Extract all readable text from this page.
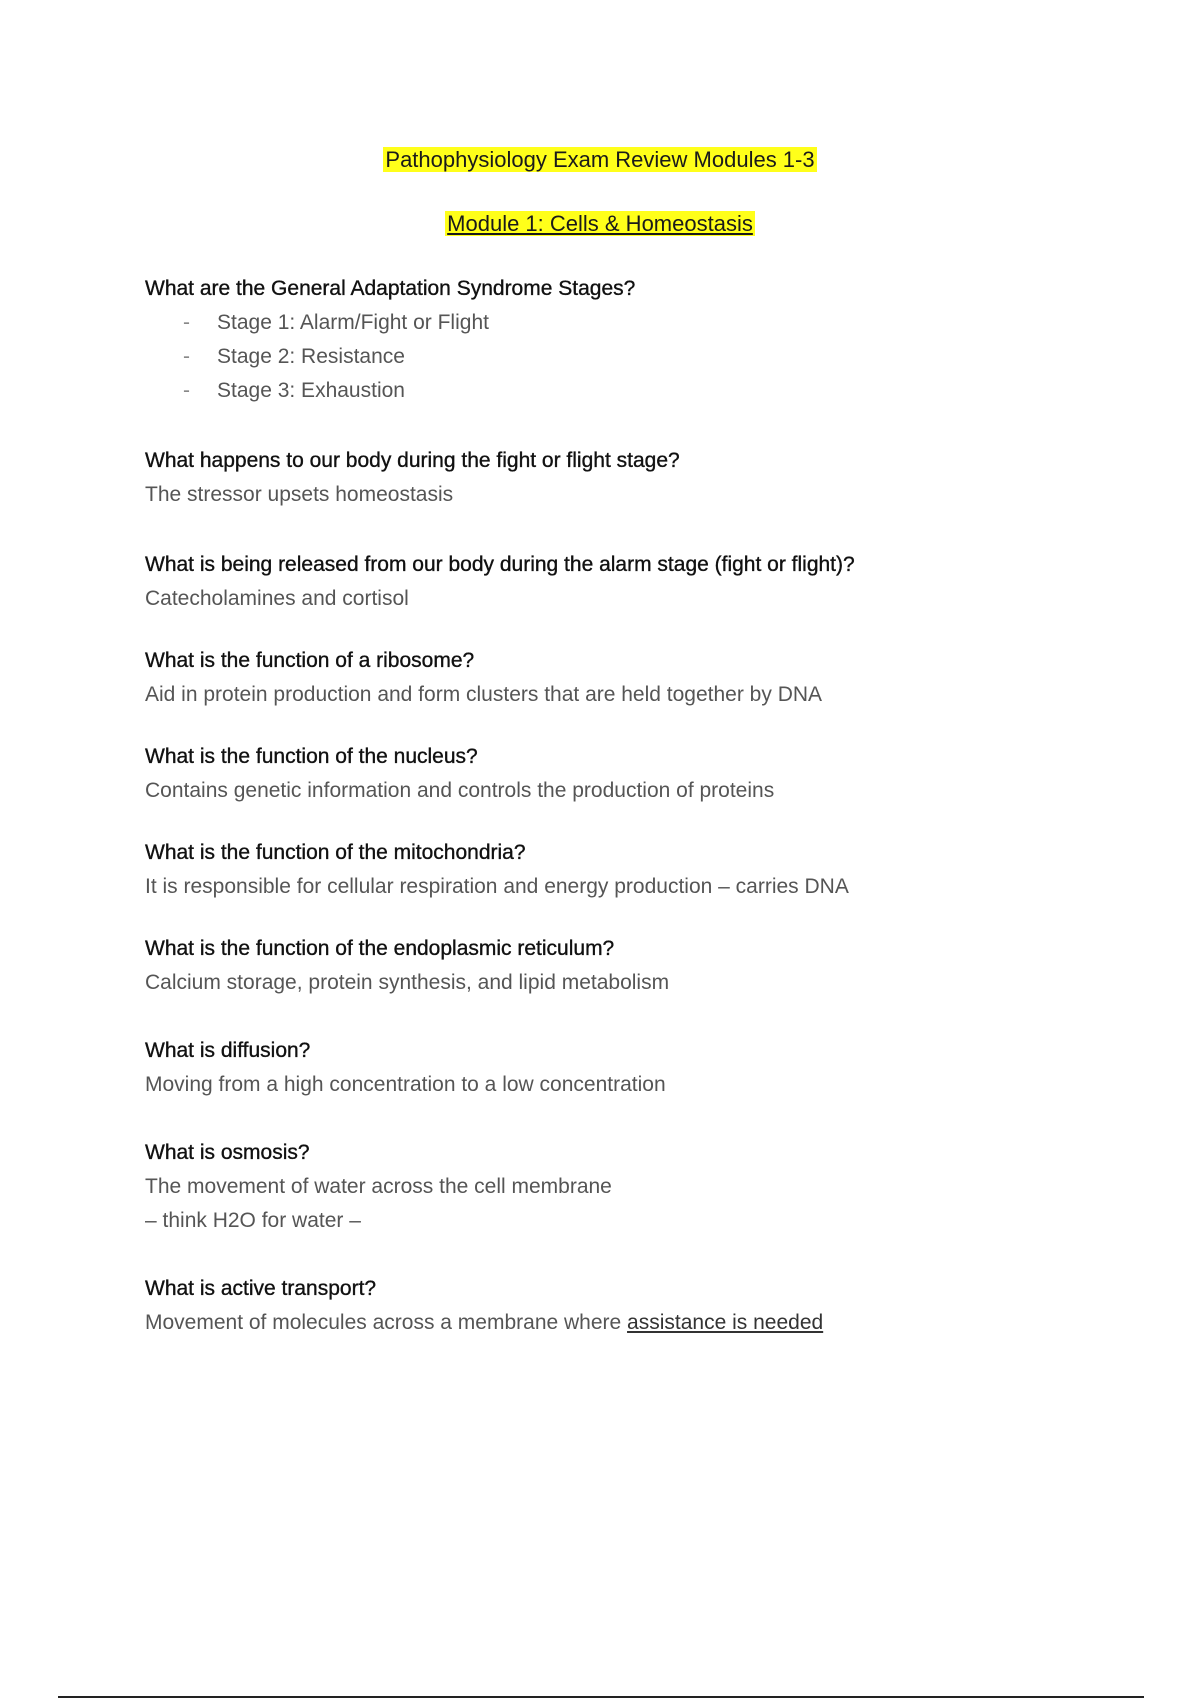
Pathophysiology Exam Review Modules 1-3
Module 1: Cells & Homeostasis
What are the General Adaptation Syndrome Stages?
- Stage 1: Alarm/Fight or Flight
- Stage 2: Resistance
- Stage 3: Exhaustion
What happens to our body during the fight or flight stage?
The stressor upsets homeostasis
What is being released from our body during the alarm stage (fight or flight)?
Catecholamines and cortisol
What is the function of a ribosome?
Aid in protein production and form clusters that are held together by DNA
What is the function of the nucleus?
Contains genetic information and controls the production of proteins
What is the function of the mitochondria?
It is responsible for cellular respiration and energy production – carries DNA
What is the function of the endoplasmic reticulum?
Calcium storage, protein synthesis, and lipid metabolism
What is diffusion?
Moving from a high concentration to a low concentration
What is osmosis?
The movement of water across the cell membrane
– think H2O for water –
What is active transport?
Movement of molecules across a membrane where assistance is needed
